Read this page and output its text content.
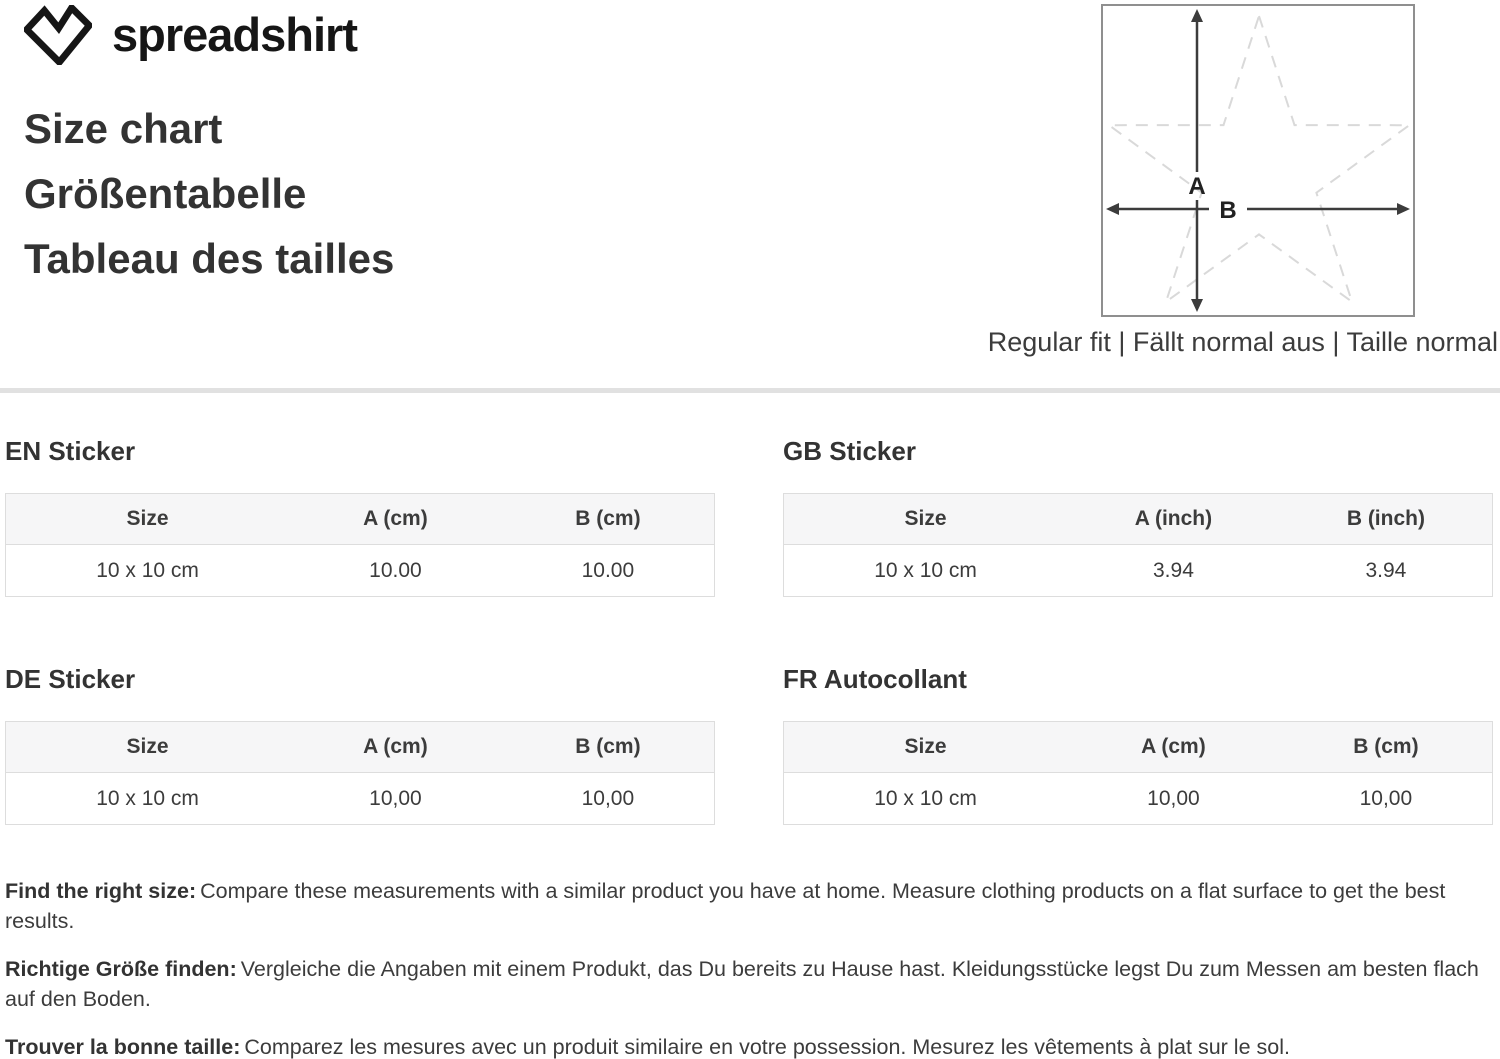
spreadshirt
Size chart
Größentabelle
Tableau des tailles
A
B
Regular fit | Fällt normal aus | Taille normal
EN Sticker
Size	A (cm)	B (cm)
10 x 10 cm	10.00	10.00
GB Sticker
Size	A (inch)	B (inch)
10 x 10 cm	3.94	3.94
DE Sticker
Size	A (cm)	B (cm)
10 x 10 cm	10,00	10,00
FR Autocollant
Size	A (cm)	B (cm)
10 x 10 cm	10,00	10,00

Find the right size: Compare these measurements with a similar product you have at home. Measure clothing products on a flat surface to get the best results.

Richtige Größe finden: Vergleiche die Angaben mit einem Produkt, das Du bereits zu Hause hast. Kleidungsstücke legst Du zum Messen am besten flach auf den Boden.

Trouver la bonne taille: Comparez les mesures avec un produit similaire en votre possession. Mesurez les vêtements à plat sur le sol.
